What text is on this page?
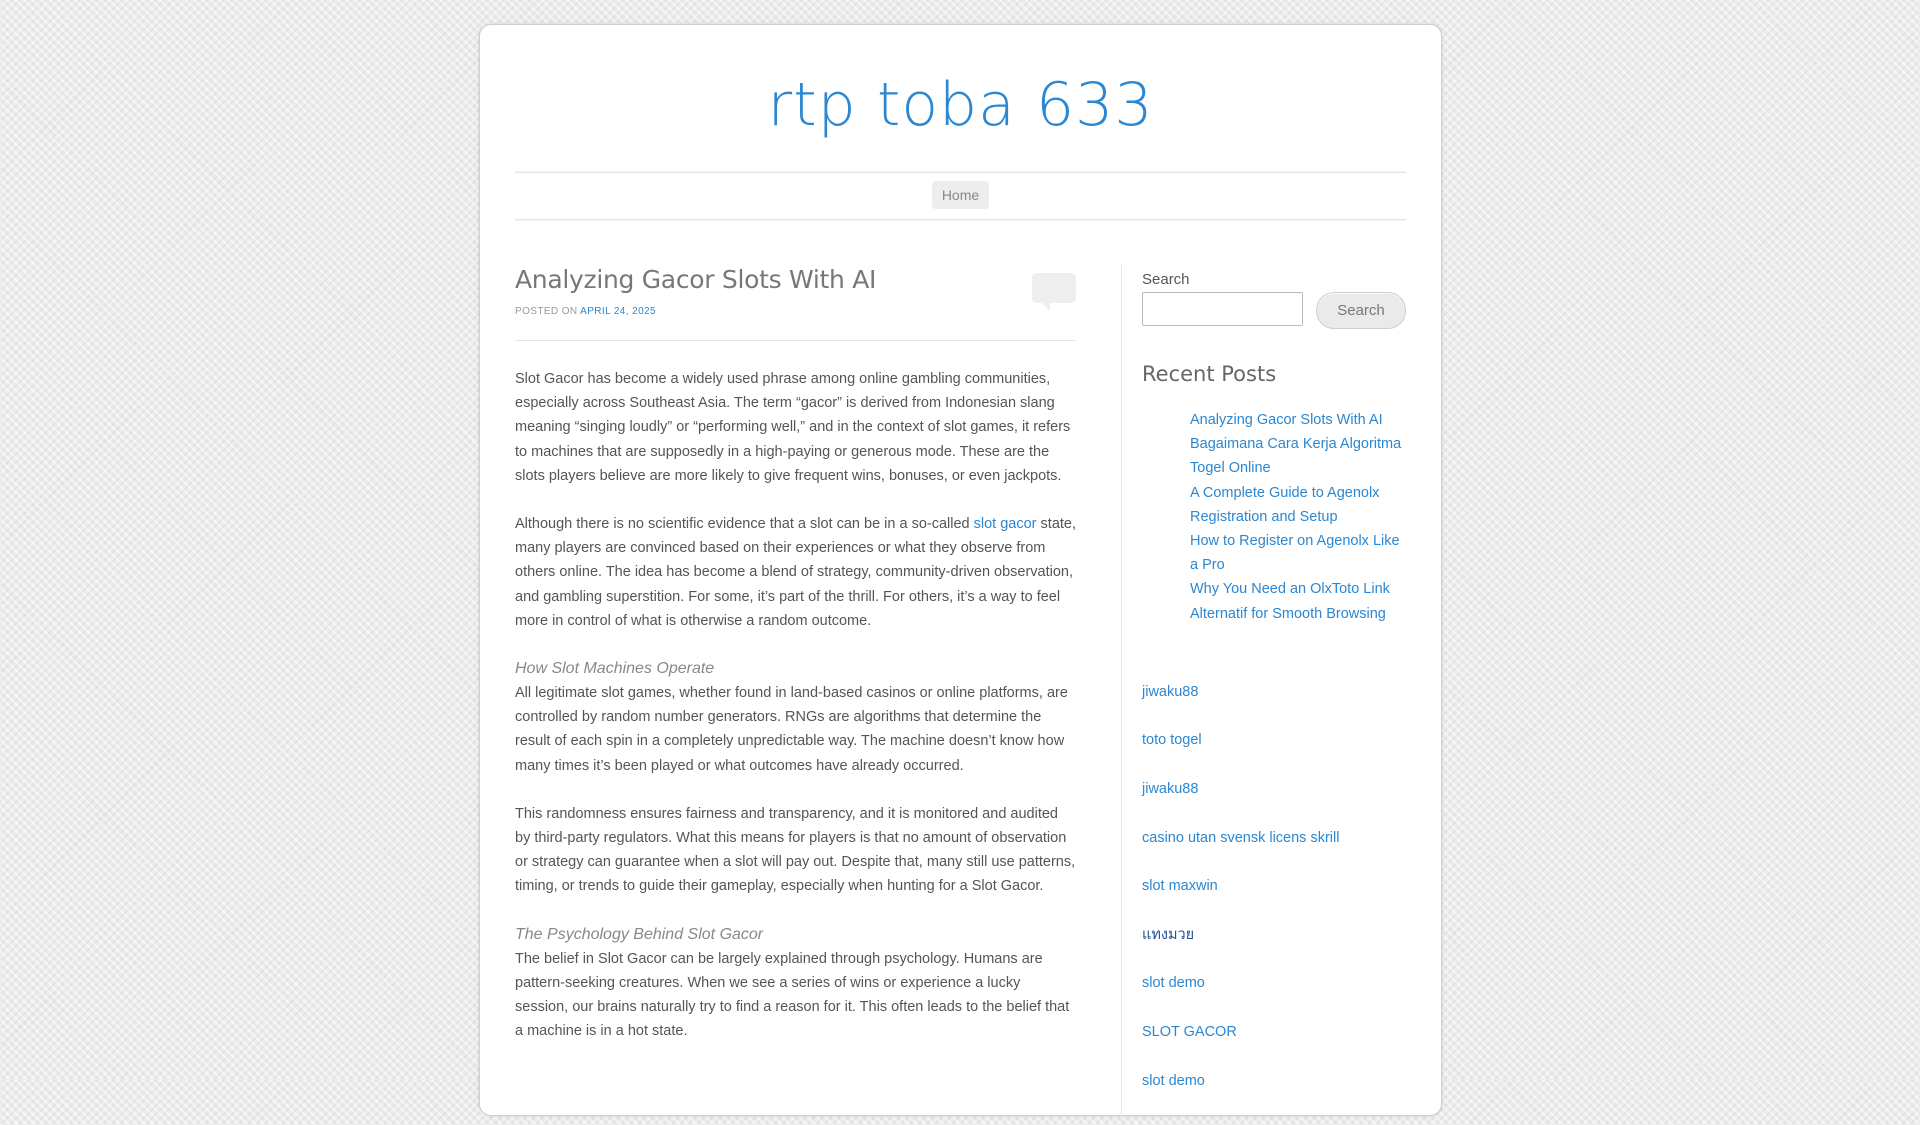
rtp toba 633
Home
Analyzing Gacor Slots With AI
POSTED ON APRIL 24, 2025

Slot Gacor has become a widely used phrase among online gambling communities, especially across Southeast Asia. The term “gacor” is derived from Indonesian slang meaning “singing loudly” or “performing well,” and in the context of slot games, it refers to machines that are supposedly in a high-paying or generous mode. These are the slots players believe are more likely to give frequent wins, bonuses, or even jackpots.

Although there is no scientific evidence that a slot can be in a so-called slot gacor state, many players are convinced based on their experiences or what they observe from others online. The idea has become a blend of strategy, community-driven observation, and gambling superstition. For some, it’s part of the thrill. For others, it’s a way to feel more in control of what is otherwise a random outcome.

How Slot Machines Operate

All legitimate slot games, whether found in land-based casinos or online platforms, are controlled by random number generators. RNGs are algorithms that determine the result of each spin in a completely unpredictable way. The machine doesn’t know how many times it’s been played or what outcomes have already occurred.

This randomness ensures fairness and transparency, and it is monitored and audited by third-party regulators. What this means for players is that no amount of observation or strategy can guarantee when a slot will pay out. Despite that, many still use patterns, timing, or trends to guide their gameplay, especially when hunting for a Slot Gacor.

The Psychology Behind Slot Gacor

The belief in Slot Gacor can be largely explained through psychology. Humans are pattern-seeking creatures. When we see a series of wins or experience a lucky session, our brains naturally try to find a reason for it. This often leads to the belief that a machine is in a hot state.

Search
Search
Recent Posts
Analyzing Gacor Slots With AI
Bagaimana Cara Kerja Algoritma Togel Online
A Complete Guide to Agenolx Registration and Setup
How to Register on Agenolx Like a Pro
Why You Need an OlxToto Link Alternatif for Smooth Browsing
jiwaku88
toto togel
jiwaku88
casino utan svensk licens skrill
slot maxwin
แทงมวย
slot demo
SLOT GACOR
slot demo
